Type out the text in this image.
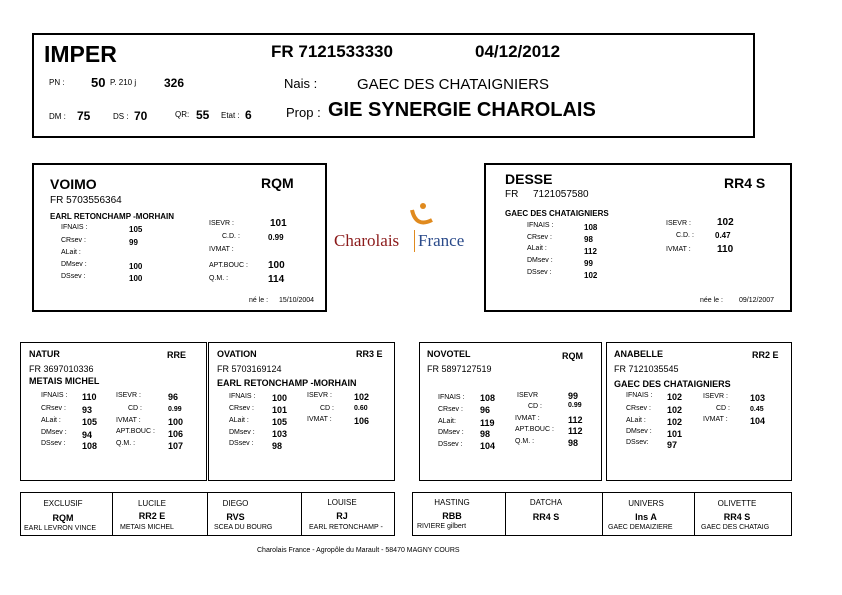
IMPER	FR 7121533330	04/12/2012
PN : 50 P. 210 j 326	Nais :	GAEC DES CHATAIGNIERS
DM : 75	DS : 70	QR: 55 Etat : 6	Prop : GIE SYNERGIE CHAROLAIS
VOIMO	RQM
FR 5703556364
EARL RETONCHAMP -MORHAIN
IFNAIS :	105
CRsev :	99
ALait :
DMsev :	100
DSsev :	100
ISEVR :	101
C.D. :	0.99
IVMAT :
APT.BOUC : 100
Q.M. :	114
né le : 15/10/2004
Charolais France
DESSE	RR4 S
FR 7121057580
GAEC DES CHATAIGNIERS
IFNAIS :	108
CRsev :	98
ALait :	112
DMsev :	99
DSsev :	102
ISEVR :	102
C.D. :	0.47
IVMAT :	110
née le : 09/12/2007
NATUR	RRE
FR 3697010336
METAIS MICHEL
IFNAIS : 110
CRsev : 93
ALait : 105
DMsev : 94
DSsev : 108
ISEVR :	96
CD :	0.99
IVMAT :	100
APT.BOUC : 106
Q.M. :	107
OVATION	RR3 E
FR 5703169124
EARL RETONCHAMP -MORHAIN
IFNAIS : 100
CRsev : 101
ALait :	105
DMsev : 103
DSsev : 98
ISEVR : 102
CD :	0.60
IVMAT : 106
NOVOTEL	RQM
FR 5897127519
IFNAIS : 108
CRsev : 96
ALait:	119
DMsev : 98
DSsev : 104
ISEVR	99
CD :	0.99
IVMAT :	112
APT.BOUC : 112
Q.M. :	98
ANABELLE	RR2 E
FR 7121035545
GAEC DES CHATAIGNIERS
IFNAIS : 102
CRsev : 102
ALait : 102
DMsev : 101
DSsev: 97
ISEVR : 103
CD :	0.45
IVMAT : 104
EXCLUSIF
RQM
EARL LEVRON VINCE
LUCILE
RR2 E
METAIS MICHEL
DIEGO
RVS
SCEA DU BOURG
LOUISE
RJ
EARL RETONCHAMP -
HASTING
RBB
RIVIERE gilbert
DATCHA
RR4 S
UNIVERS
Ins A
GAEC DEMAIZIERE
OLIVETTE
RR4 S
GAEC DES CHATAIG
Charolais France - Agropôle du Marault - 58470 MAGNY COURS
